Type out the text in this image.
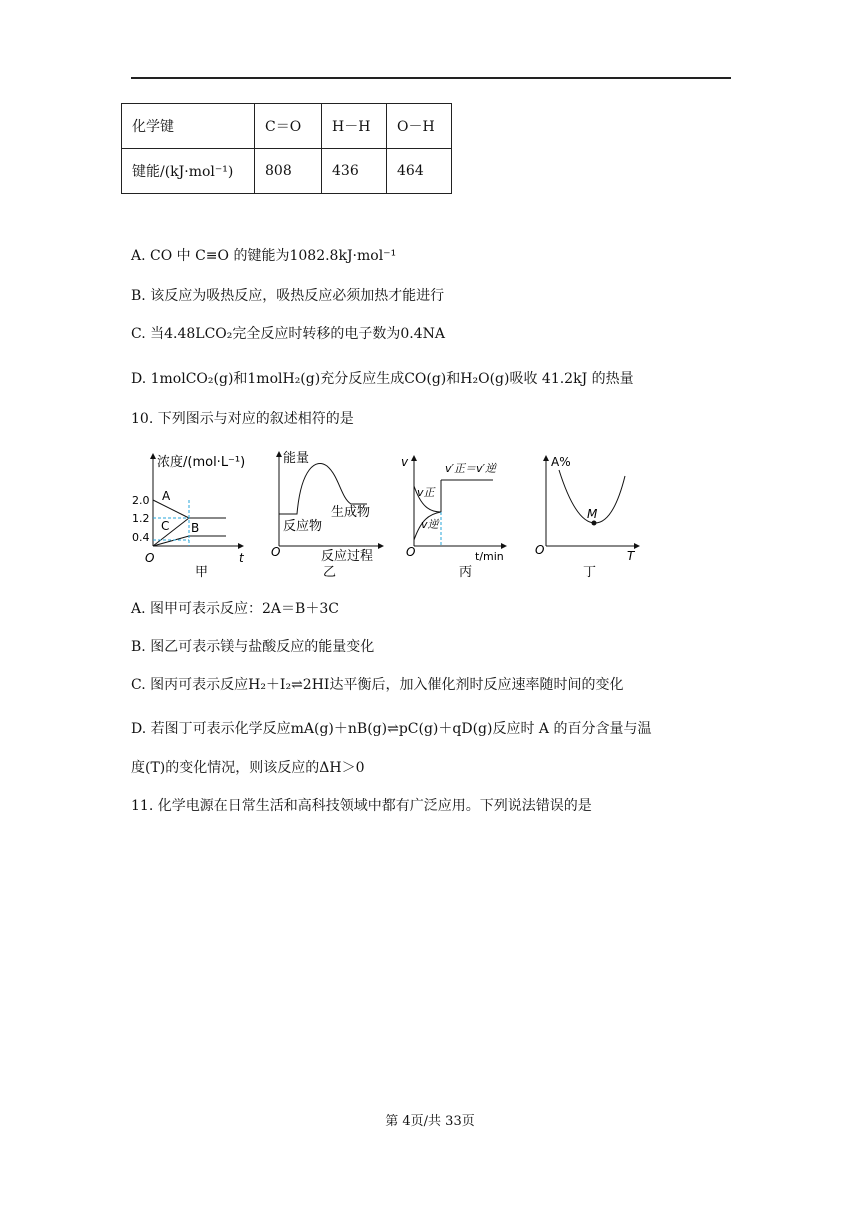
化学键	C＝O	H－H	O－H
键能/(kJ·mol⁻¹)	808	436	464
A. CO 中 C≡O 的键能为1082.8kJ·mol⁻¹
B. 该反应为吸热反应，吸热反应必须加热才能进行
C. 当4.48LCO₂完全反应时转移的电子数为0.4NA
D. 1molCO₂(g)和1molH₂(g)充分反应生成CO(g)和H₂O(g)吸收 41.2kJ 的热量
10. 下列图示与对应的叙述相符的是
浓度/(mol·L⁻¹)
t
O
2.0
1.2
0.4
A
C B
甲
能量
反应过程
O
反应物
生成物
乙
v
t/min
O
v′正＝v′逆
v正
v逆
丙
A%
T
O
M
丁
A. 图甲可表示反应：2A＝B＋3C
B. 图乙可表示镁与盐酸反应的能量变化
C. 图丙可表示反应H₂＋I₂⇌2HI达平衡后，加入催化剂时反应速率随时间的变化
D. 若图丁可表示化学反应mA(g)＋nB(g)⇌pC(g)＋qD(g)反应时 A 的百分含量与温
度(T)的变化情况，则该反应的ΔH＞0
11. 化学电源在日常生活和高科技领域中都有广泛应用。下列说法错误的是
第 4页/共 33页
